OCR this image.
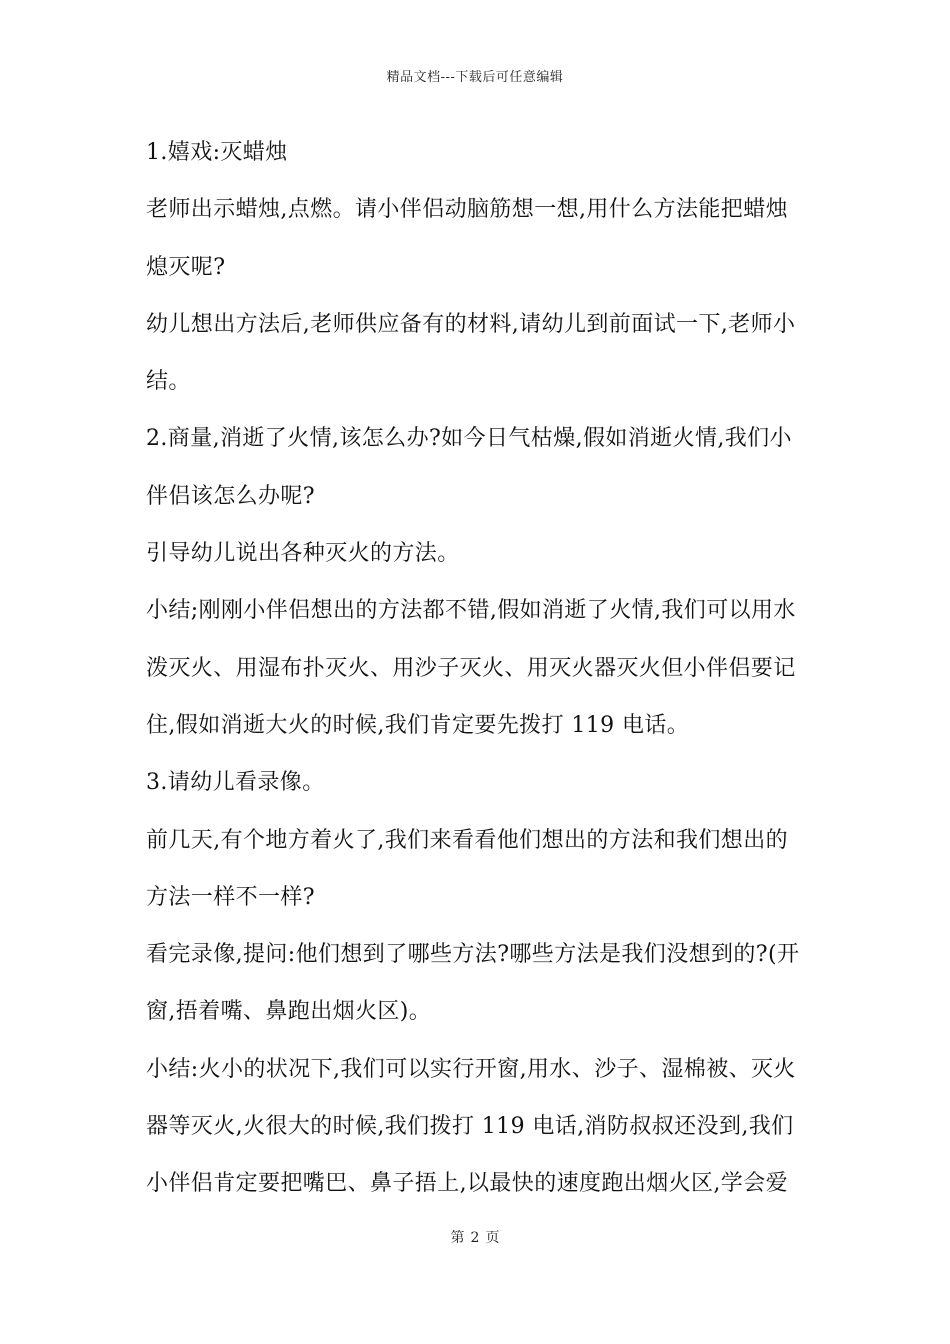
精品文档---下载后可任意编辑
1.嬉戏:灭蜡烛
老师出示蜡烛,点燃。请小伴侣动脑筋想一想,用什么方法能把蜡烛
熄灭呢?
幼儿想出方法后,老师供应备有的材料,请幼儿到前面试一下,老师小
结。
2.商量,消逝了火情,该怎么办?如今日气枯燥,假如消逝火情,我们小
伴侣该怎么办呢?
引导幼儿说出各种灭火的方法。
小结;刚刚小伴侣想出的方法都不错,假如消逝了火情,我们可以用水
泼灭火、用湿布扑灭火、用沙子灭火、用灭火器灭火但小伴侣要记
住,假如消逝大火的时候,我们肯定要先拨打 119 电话。
3.请幼儿看录像。
前几天,有个地方着火了,我们来看看他们想出的方法和我们想出的
方法一样不一样?
看完录像,提问:他们想到了哪些方法?哪些方法是我们没想到的?(开
窗,捂着嘴、鼻跑出烟火区)。
小结:火小的状况下,我们可以实行开窗,用水、沙子、湿棉被、灭火
器等灭火,火很大的时候,我们拨打 119 电话,消防叔叔还没到,我们
小伴侣肯定要把嘴巴、鼻子捂上,以最快的速度跑出烟火区,学会爱
第 2 页
